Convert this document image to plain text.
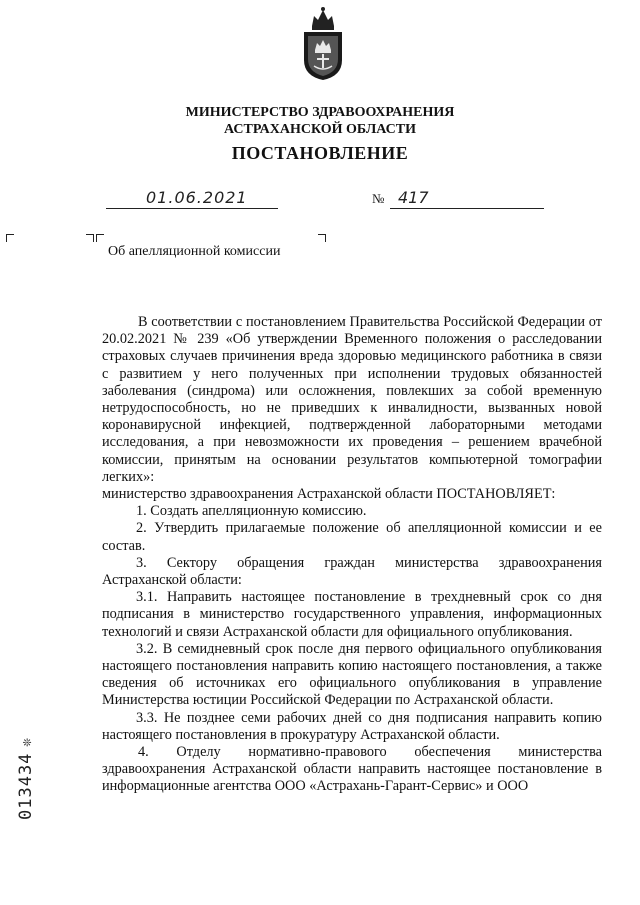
МИНИСТЕРСТВО ЗДРАВООХРАНЕНИЯ
АСТРАХАНСКОЙ ОБЛАСТИ
ПОСТАНОВЛЕНИЕ
01.06.2021	№ 417
Об апелляционной комиссии

В соответствии с постановлением Правительства Российской Федерации от 20.02.2021 № 239 «Об утверждении Временного положения о расследовании страховых случаев причинения вреда здоровью медицинского работника в связи с развитием у него полученных при исполнении трудовых обязанностей заболевания (синдрома) или осложнения, повлекших за собой временную нетрудоспособность, но не приведших к инвалидности, вызванных новой коронавирусной инфекцией, подтвержденной лабораторными методами исследования, а при невозможности их проведения – решением врачебной комиссии, принятым на основании результатов компьютерной томографии легких»:

министерство здравоохранения Астраханской области ПОСТАНОВЛЯЕТ:

1. Создать апелляционную комиссию.

2. Утвердить прилагаемые положение об апелляционной комиссии и ее состав.

3. Сектору обращения граждан министерства здравоохранения Астраханской области:

3.1. Направить настоящее постановление в трехдневный срок со дня подписания в министерство государственного управления, информационных технологий и связи Астраханской области для официального опубликования.

3.2. В семидневный срок после дня первого официального опубликования настоящего постановления направить копию настоящего постановления, а также сведения об источниках его официального опубликования в управление Министерства юстиции Российской Федерации по Астраханской области.

3.3. Не позднее семи рабочих дней со дня подписания направить копию настоящего постановления в прокуратуру Астраханской области.

4. Отделу нормативно-правового обеспечения министерства здравоохранения Астраханской области направить настоящее постановление в информационные агентства ООО «Астрахань-Гарант-Сервис» и ООО

013434❊
